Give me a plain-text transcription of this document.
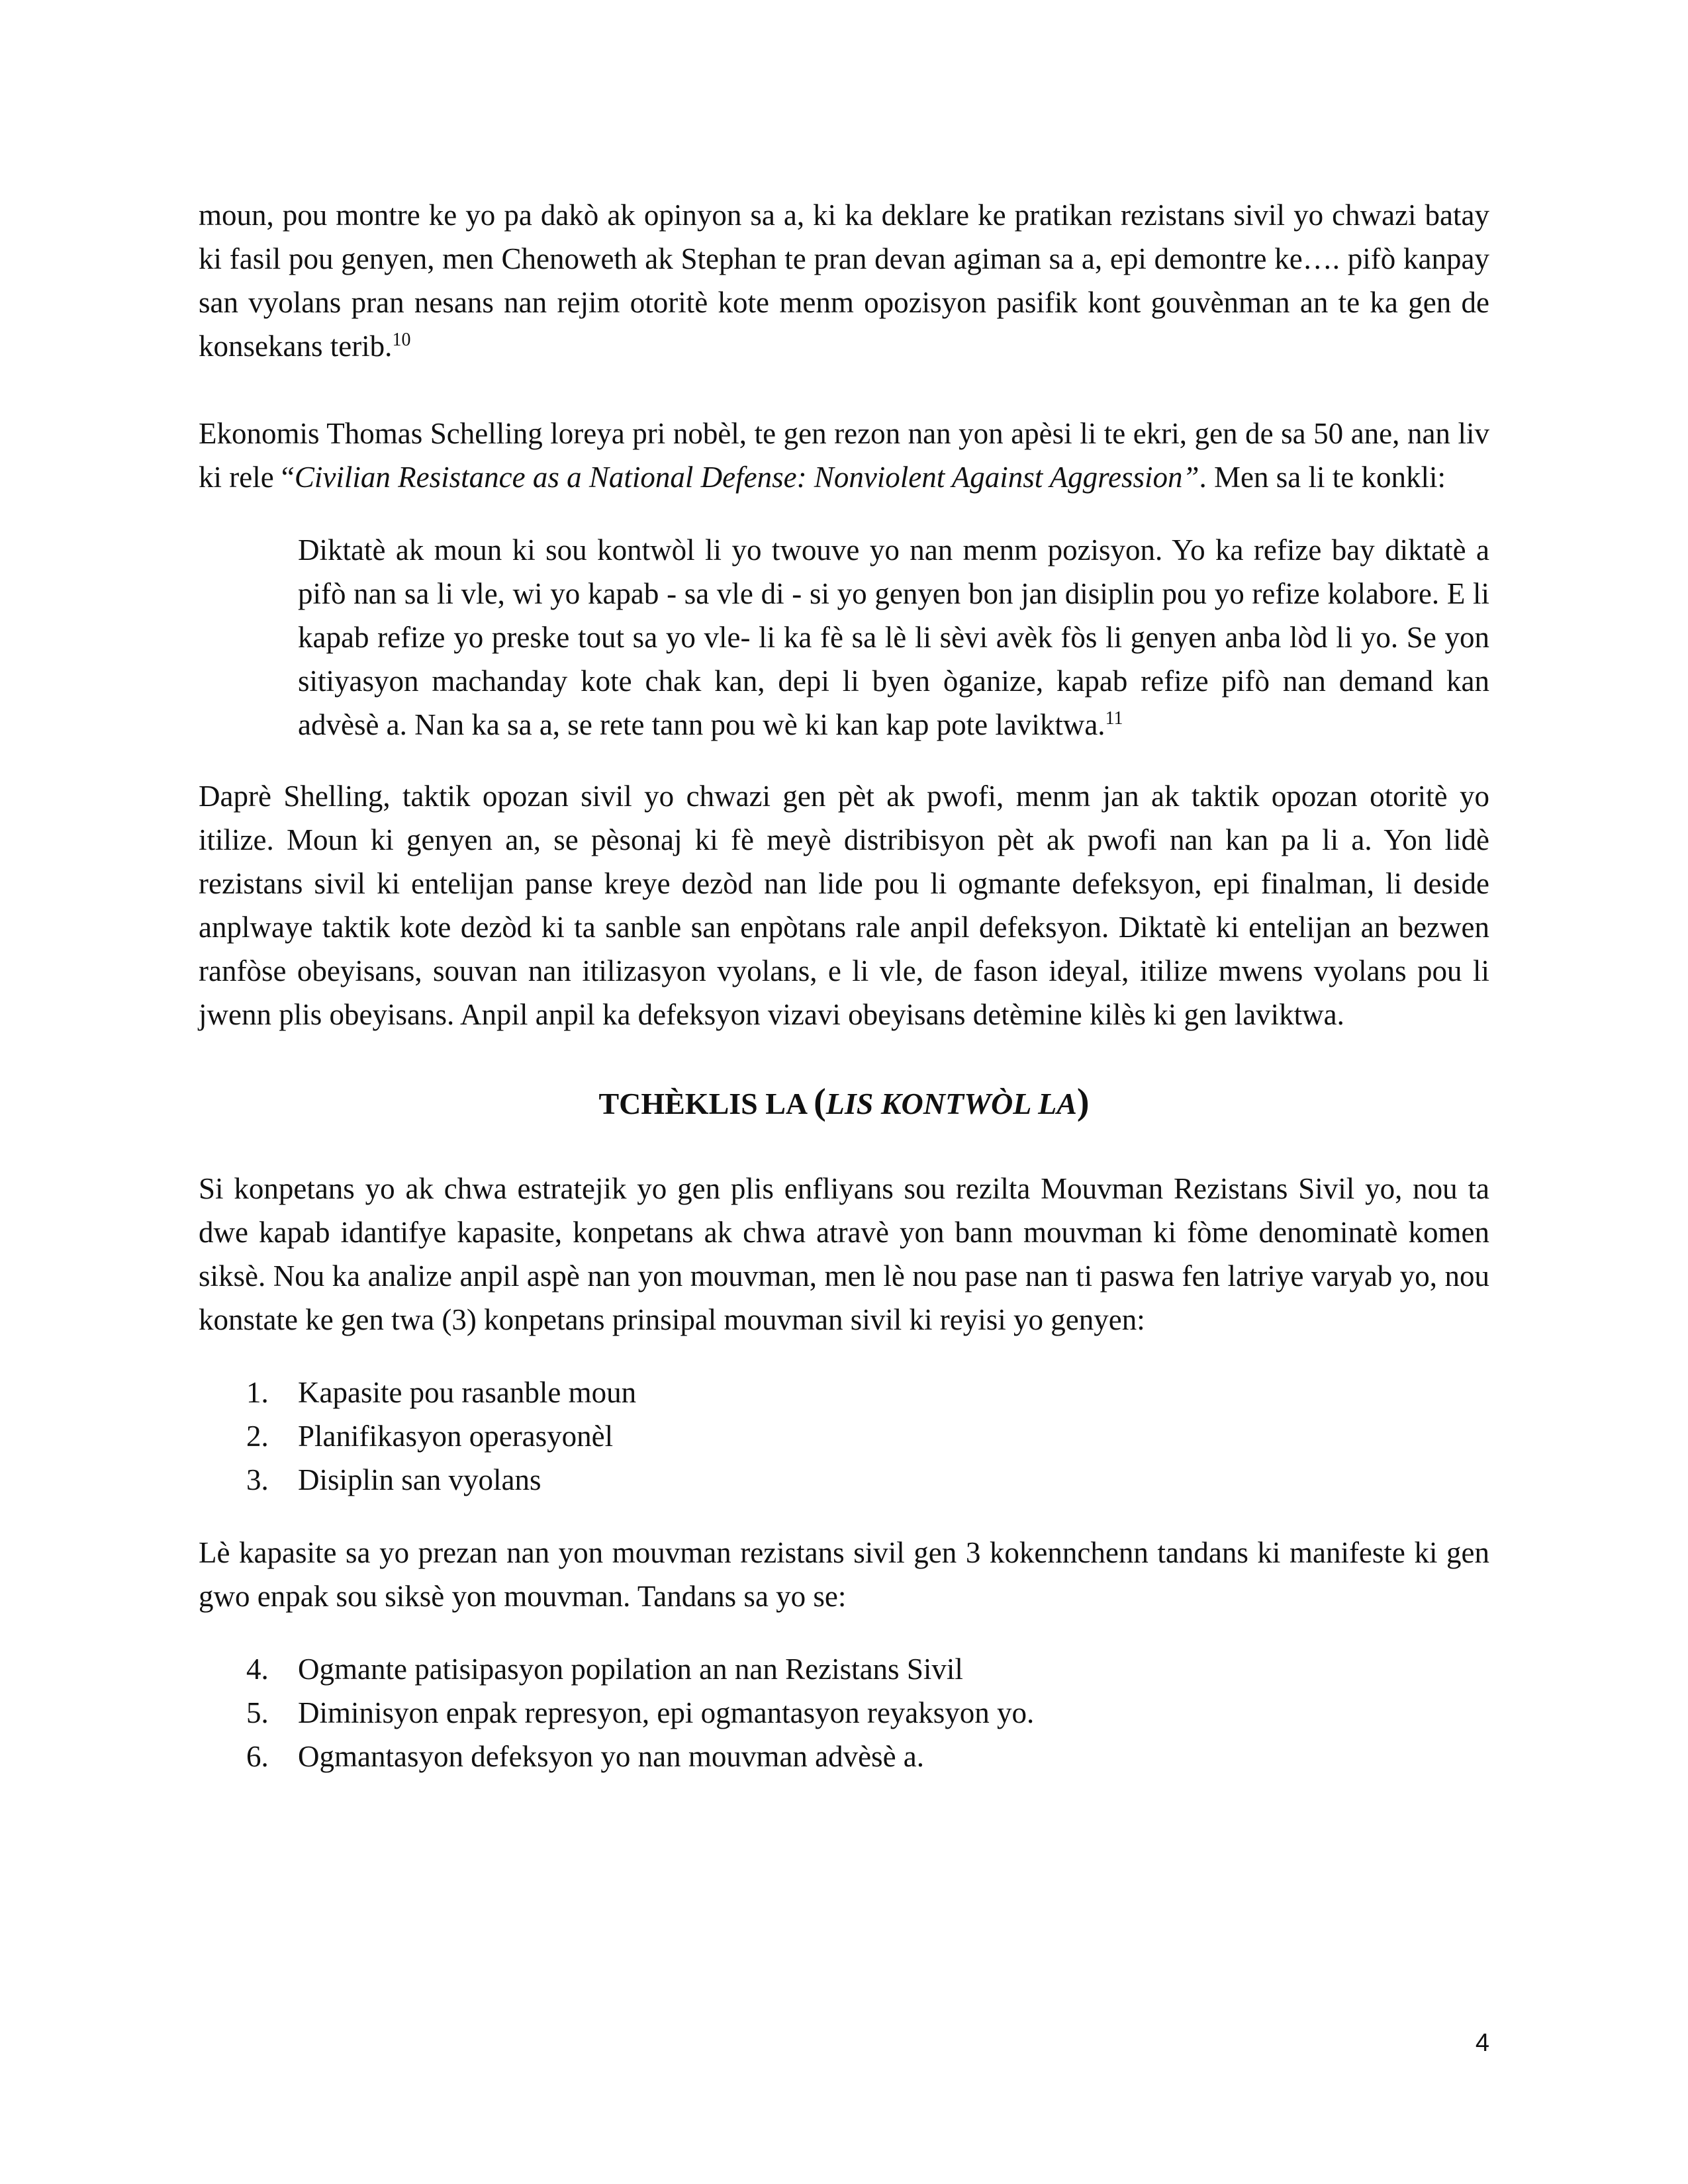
moun, pou montre ke yo pa dakò ak opinyon sa a, ki ka deklare ke pratikan rezistans sivil yo chwazi batay ki fasil pou genyen, men Chenoweth ak Stephan te pran devan agiman sa a, epi demontre ke…. pifò kanpay san vyolans pran nesans nan rejim otoritè kote menm opozisyon pasifik kont gouvènman an te ka gen de konsekans terib.$^{10}$

Ekonomis Thomas Schelling loreya pri nobèl, te gen rezon nan yon apèsi li te ekri, gen de sa 50 ane, nan liv ki rele “Civilian Resistance as a National Defense: Nonviolent Against Aggression”. Men sa li te konkli:

Diktatè ak moun ki sou kontwòl li yo twouve yo nan menm pozisyon. Yo ka refize bay diktatè a pifò nan sa li vle, wi yo kapab - sa vle di - si yo genyen bon jan disiplin pou yo refize kolabore. E li kapab refize yo preske tout sa yo vle- li ka fè sa lè li sèvi avèk fòs li genyen anba lòd li yo. Se yon sitiyasyon machanday kote chak kan, depi li byen òganize, kapab refize pifò nan demand kan advèsè a. Nan ka sa a, se rete tann pou wè ki kan kap pote laviktwa.$^{11}$

Daprè Shelling, taktik opozan sivil yo chwazi gen pèt ak pwofi, menm jan ak taktik opozan otoritè yo itilize. Moun ki genyen an, se pèsonaj ki fè meyè distribisyon pèt ak pwofi nan kan pa li a. Yon lidè rezistans sivil ki entelijan panse kreye dezòd nan lide pou li ogmante defeksyon, epi finalman, li deside anplwaye taktik kote dezòd ki ta sanble san enpòtans rale anpil defeksyon. Diktatè ki entelijan an bezwen ranfòse obeyisans, souvan nan itilizasyon vyolans, e li vle, de fason ideyal, itilize mwens vyolans pou li jwenn plis obeyisans. Anpil anpil ka defeksyon vizavi obeyisans detèmine kilès ki gen laviktwa.

TCHÈKLIS LA (LIS KONTWÒL LA)

Si konpetans yo ak chwa estratejik yo gen plis enfliyans sou rezilta Mouvman Rezistans Sivil yo, nou ta dwe kapab idantifye kapasite, konpetans ak chwa atravè yon bann mouvman ki fòme denominatè komen siksè. Nou ka analize anpil aspè nan yon mouvman, men lè nou pase nan ti paswa fen latriye varyab yo, nou konstate ke gen twa (3) konpetans prinsipal mouvman sivil ki reyisi yo genyen:

1. Kapasite pou rasanble moun
2. Planifikasyon operasyonèl
3. Disiplin san vyolans

Lè kapasite sa yo prezan nan yon mouvman rezistans sivil gen 3 kokennchenn tandans ki manifeste ki gen gwo enpak sou siksè yon mouvman. Tandans sa yo se:

4. Ogmante patisipasyon popilation an nan Rezistans Sivil
5. Diminisyon enpak represyon, epi ogmantasyon reyaksyon yo.
6. Ogmantasyon defeksyon yo nan mouvman advèsè a.
4
